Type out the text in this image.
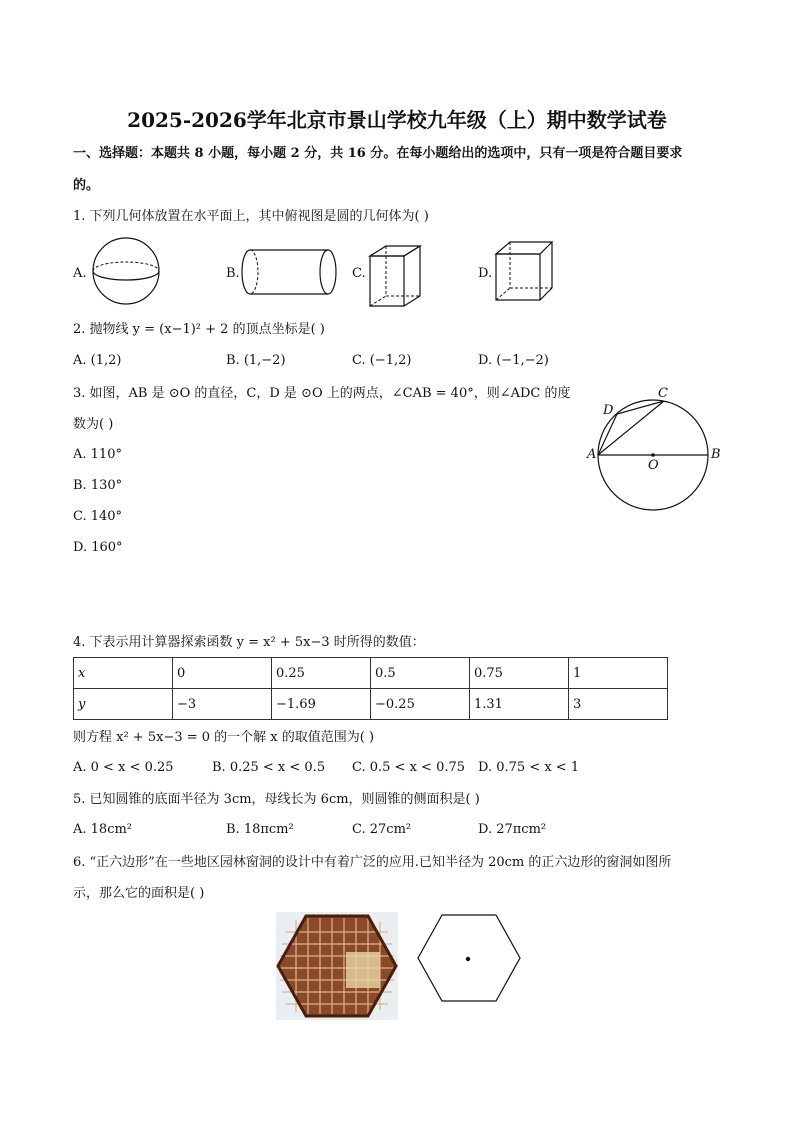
2025-2026学年北京市景山学校九年级（上）期中数学试卷
一、选择题：本题共 8 小题，每小题 2 分，共 16 分。在每小题给出的选项中，只有一项是符合题目要求
的。
1. 下列几何体放置在水平面上，其中俯视图是圆的几何体为( )
A.	B.	C.	D.
2. 抛物线 y = (x−1)² + 2 的顶点坐标是( )
A. (1,2)	B. (1,−2)	C. (−1,2)	D. (−1,−2)
3. 如图，AB 是 ⊙O 的直径，C，D 是 ⊙O 上的两点，∠CAB = 40°，则∠ADC 的度
数为( )
A. 110°
B. 130°
C. 140°
D. 160°
A	B
C
D
O
4. 下表示用计算器探索函数 y = x² + 5x−3 时所得的数值：
x	0	0.25	0.5	0.75	1
y	−3	−1.69	−0.25	1.31	3
则方程 x² + 5x−3 = 0 的一个解 x 的取值范围为( )
A. 0 < x < 0.25	B. 0.25 < x < 0.5 C. 0.5 < x < 0.75 D. 0.75 < x < 1
5. 已知圆锥的底面半径为 3cm，母线长为 6cm，则圆锥的侧面积是( )
A. 18cm²	B. 18πcm²	C. 27cm²	D. 27πcm²
6. “正六边形”在一些地区园林窗洞的设计中有着广泛的应用.已知半径为 20cm 的正六边形的窗洞如图所
示，那么它的面积是( )
